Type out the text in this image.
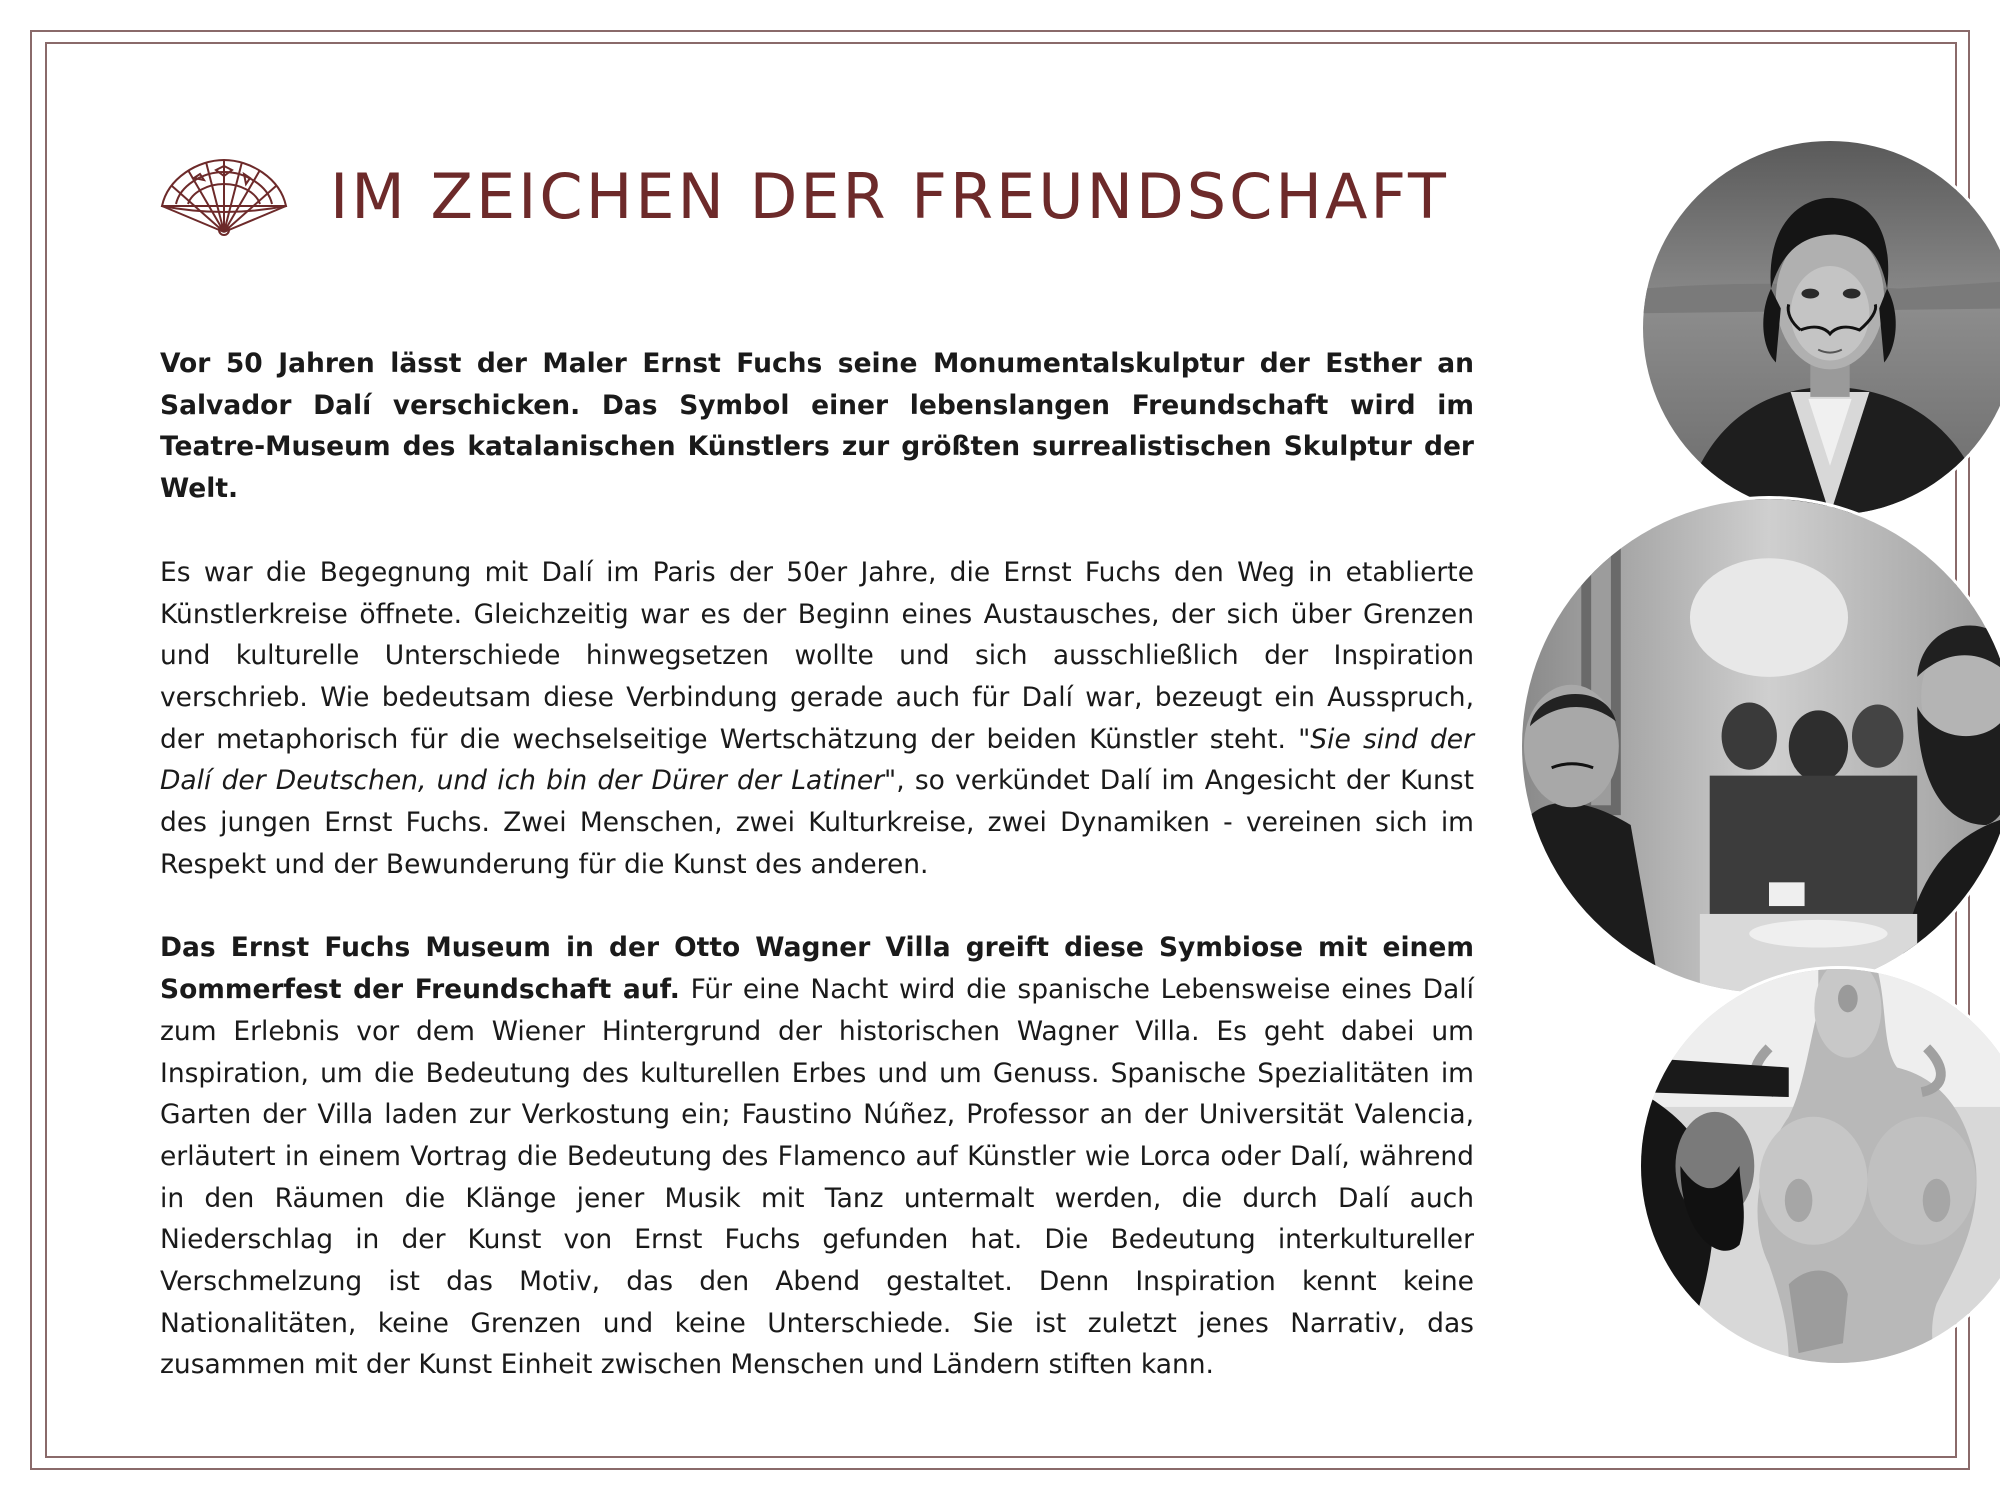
IM ZEICHEN DER FREUNDSCHAFT

Vor 50 Jahren lässt der Maler Ernst Fuchs seine Monumentalskulptur der Esther an Salvador Dalí verschicken. Das Symbol einer lebenslangen Freundschaft wird im Teatre-Museum des katalanischen Künstlers zur größten surrealistischen Skulptur der Welt.

Es war die Begegnung mit Dalí im Paris der 50er Jahre, die Ernst Fuchs den Weg in etablierte Künstlerkreise öffnete. Gleichzeitig war es der Beginn eines Austausches, der sich über Grenzen und kulturelle Unterschiede hinwegsetzen wollte und sich ausschließlich der Inspiration verschrieb. Wie bedeutsam diese Verbindung gerade auch für Dalí war, bezeugt ein Ausspruch, der metaphorisch für die wechselseitige Wertschätzung der beiden Künstler steht. "Sie sind der Dalí der Deutschen, und ich bin der Dürer der Latiner", so verkündet Dalí im Angesicht der Kunst des jungen Ernst Fuchs. Zwei Menschen, zwei Kulturkreise, zwei Dynamiken - vereinen sich im Respekt und der Bewunderung für die Kunst des anderen.

Das Ernst Fuchs Museum in der Otto Wagner Villa greift diese Symbiose mit einem Sommerfest der Freundschaft auf. Für eine Nacht wird die spanische Lebensweise eines Dalí zum Erlebnis vor dem Wiener Hintergrund der historischen Wagner Villa. Es geht dabei um Inspiration, um die Bedeutung des kulturellen Erbes und um Genuss. Spanische Spezialitäten im Garten der Villa laden zur Verkostung ein; Faustino Núñez, Professor an der Universität Valencia, erläutert in einem Vortrag die Bedeutung des Flamenco auf Künstler wie Lorca oder Dalí, während in den Räumen die Klänge jener Musik mit Tanz untermalt werden, die durch Dalí auch Niederschlag in der Kunst von Ernst Fuchs gefunden hat. Die Bedeutung interkultureller Verschmelzung ist das Motiv, das den Abend gestaltet. Denn Inspiration kennt keine Nationalitäten, keine Grenzen und keine Unterschiede. Sie ist zuletzt jenes Narrativ, das zusammen mit der Kunst Einheit zwischen Menschen und Ländern stiften kann.
